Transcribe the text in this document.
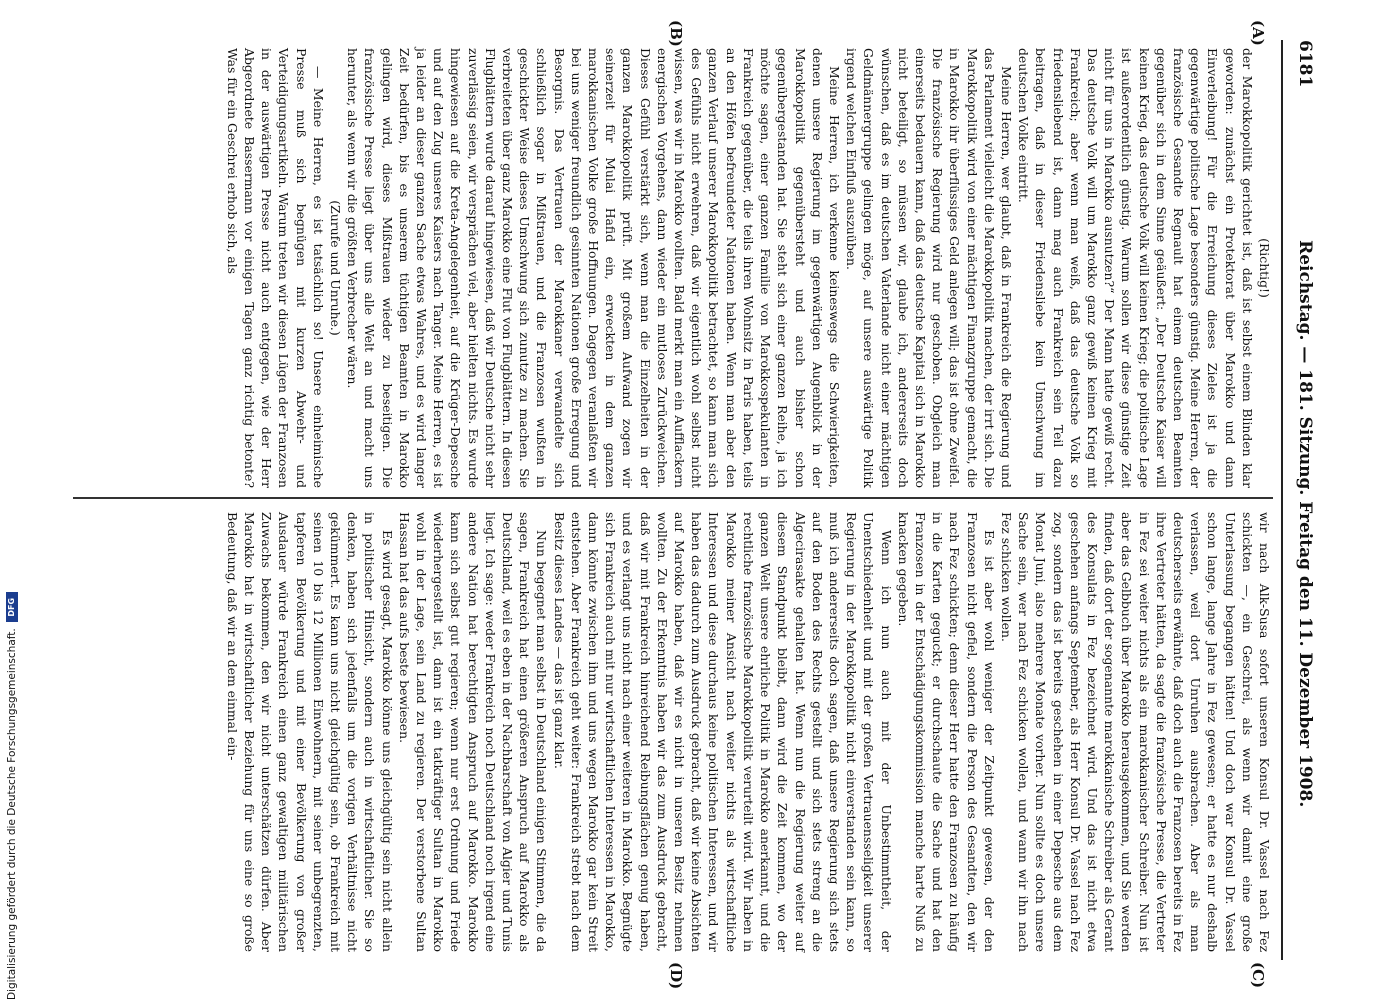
6181
Reichstag. — 181. Sitzung. Freitag den 11. Dezember 1908.
(A)
(B)
(C)
(D)

(Richtig!)

der Marokkopolitik gerichtet ist, daß ist selbst einem Blinden klar geworden: zunächst ein Protektorat über Marokko und dann Einverleibung! Für die Erreichung dieses Zieles ist ja die gegenwärtige politische Lage besonders günstig. Meine Herren, der französische Gesandte Regnault hat einem deutschen Beamten gegenüber sich in dem Sinne geäußert: „Der Deutsche Kaiser will keinen Krieg, das deutsche Volk will keinen Krieg; die politische Lage ist außerordentlich günstig. Warum sollen wir diese günstige Zeit nicht für uns in Marokko ausnutzen?“ Der Mann hatte gewiß recht. Das deutsche Volk will um Marokko ganz gewiß keinen Krieg mit Frankreich; aber wenn man weiß, daß das deutsche Volk so friedensliebend ist, dann mag auch Frankreich sein Teil dazu beitragen, daß in dieser Friedensliebe kein Umschwung im deutschen Volke eintritt.

Meine Herren, wer glaubt, daß in Frankreich die Regierung und das Parlament vielleicht die Marokkopolitik machen, der irrt sich. Die Marokkopolitik wird von einer mächtigen Finanzgruppe gemacht, die in Marokko ihr überflüssiges Geld anlegen will; das ist ohne Zweifel. Die französische Regierung wird nur geschoben. Obgleich man einerseits bedauern kann, daß das deutsche Kapital sich in Marokko nicht beteiligt, so müssen wir, glaube ich, andererseits doch wünschen, daß es im deutschen Vaterlande nicht einer mächtigen Geldmännergruppe gelingen möge, auf unsere auswärtige Politik irgend welchen Einfluß auszuüben.

Meine Herren, ich verkenne keineswegs die Schwierigkeiten, denen unsere Regierung im gegenwärtigen Augenblick in der Marokkopolitik gegenübersteht und auch bisher schon gegenübergestanden hat. Sie steht sich einer ganzen Reihe, ja ich möchte sagen, einer ganzen Familie von Marokkospekulanten in Frankreich gegenüber, die teils ihren Wohnsitz in Paris haben, teils an den Höfen befreundeter Nationen haben. Wenn man aber den ganzen Verlauf unserer Marokkopolitik betrachtet, so kann man sich des Gefühls nicht erwehren, daß wir eigentlich wohl selbst nicht wissen, was wir in Marokko wollten. Bald merkt man ein Aufflackern energischen Vorgehens, dann wieder ein mutloses Zurückweichen. Dieses Gefühl verstärkt sich, wenn man die Einzelheiten in der ganzen Marokkopolitik prüft. Mit großem Aufwand zogen wir seinerzeit für Mulai Hafid ein, erweckten in dem ganzen marokkanischen Volke große Hoffnungen. Dagegen veranlaßten wir bei uns weniger freundlich gesinnten Nationen große Erregung und Besorgnis. Das Vertrauen der Marokkaner verwandelte sich schließlich sogar in Mißtrauen, und die Franzosen wußten in geschickter Weise dieses Umschwung sich zunutze zu machen. Sie verbreiteten über ganz Marokko eine Flut von Flugblättern. In diesen Flugblättern wurde darauf hingewiesen, daß wir Deutsche nicht sehr zuverlässig seien, wir versprächen viel, aber hielten nichts. Es wurde hingewiesen auf die Kreta-Angelegenheit, auf die Krüger-Depesche und auf den Zug unseres Kaisers nach Tanger. Meine Herren, es ist ja leider an dieser ganzen Sache etwas Wahres, und es wird langer Zeit bedürfen, bis es unserem tüchtigen Beamten in Marokko gelingen wird, dieses Mißtrauen wieder zu beseitigen. Die französische Presse liegt über uns alle Welt an und macht uns herunter, als wenn wir die größten Verbrecher wären.

(Zurufe und Unruhe.)

— Meine Herren, es ist tatsächlich so! Unsere einheimische Presse muß sich begnügen mit kurzen Abwehr- und Verteidigungsartikeln. Warum treten wir diesen Lügen der Franzosen in der auswärtigen Presse nicht auch entgegen, wie der Herr Abgeordnete Bassermann vor einigen Tagen ganz richtig betonte? Was für ein Geschrei erhob sich, als

wir nach Alk-Susa sofort unseren Konsul Dr. Vassel nach Fez schickten —, ein Geschrei, als wenn wir damit eine große Unterlassung begangen hätten! Und doch war Konsul Dr. Vassel schon lange, lange Jahre in Fez gewesen; er hatte es nur deshalb verlassen, weil dort Unruhen ausbrachen. Aber als man deutscherseits erwähnte, daß doch auch die Franzosen bereits in Fez ihre Vertreter hätten, da sagte die französische Presse, die Vertreter in Fez sei weiter nichts als ein marokkanischer Schreiber. Nun ist aber das Gelbbuch über Marokko herausgekommen, und Sie werden finden, daß dort der sogenannte marokkanische Schreiber als Gerant des Konsulats in Fez bezeichnet wird. Und das ist nicht etwa geschehen anfangs September, als Herr Konsul Dr. Vassel nach Fez zog, sondern das ist bereits geschehen in einer Depesche aus dem Monat Juni, also mehrere Monate vorher. Nun sollte es doch unsere Sache sein, wer nach Fez schicken wollen, und wann wir ihn nach Fez schicken wollen.

Es ist aber wohl weniger der Zeitpunkt gewesen, der den Franzosen nicht gefiel, sondern die Person des Gesandten, den wir nach Fez schickten; denn dieser Herr hatte den Franzosen zu häufig in die Karten geguckt; er durchschaute die Sache und hat den Franzosen in der Entschädigungskommission manche harte Nuß zu knacken gegeben.

Wenn ich nun auch mit der Unbestimmtheit, der Unentschiedenheit und mit der großen Vertrauensseligkeit unserer Regierung in der Marokkopolitik nicht einverstanden sein kann, so muß ich andererseits doch sagen, daß unsere Regierung sich stets auf den Boden des Rechts gestellt und sich stets streng an die Algecirasakte gehalten hat. Wenn nun die Regierung weiter auf diesem Standpunkt bleibt, dann wird die Zeit kommen, wo der ganzen Welt unsere ehrliche Politik in Marokko anerkannt, und die rechtliche französische Marokkopolitik verurteilt wird. Wir haben in Marokko meiner Ansicht nach weiter nichts als wirtschaftliche Interessen und diese durchaus keine politischen Interessen, und wir haben das dadurch zum Ausdruck gebracht, daß wir keine Absichten auf Marokko haben, daß wir es nicht in unseren Besitz nehmen wollten. Zu der Erkenntnis haben wir das zum Ausdruck gebracht, daß wir mit Frankreich hinreichend Reibungsflächen genug haben, und es verlangt uns nicht nach einer weiteren in Marokko. Begnügte sich Frankreich auch mit nur wirtschaftlichen Interessen in Marokko, dann könnte zwischen ihm und uns wegen Marokko gar kein Streit entstehen. Aber Frankreich geht weiter: Frankreich strebt nach dem Besitz dieses Landes — das ist ganz klar.

Nun begegnet man selbst in Deutschland einigen Stimmen, die da sagen, Frankreich hat einen größeren Anspruch auf Marokko als Deutschland, weil es eben in der Nachbarschaft von Algier und Tunis liegt. Ich sage: weder Frankreich noch Deutschland noch irgend eine andere Nation hat berechtigten Anspruch auf Marokko. Marokko kann sich selbst gut regieren; wenn nur erst Ordnung und Friede wiederhergestellt ist, dann ist ein tatkräftiger Sultan in Marokko wohl in der Lage, sein Land zu regieren. Der verstorbene Sultan Hassan hat das aufs beste bewiesen.

Es wird gesagt, Marokko könne uns gleichgültig sein nicht allein in politischer Hinsicht, sondern auch in wirtschaftlicher. Sie so denken, haben sich jedenfalls um die vorigen Verhältnisse nicht gekümmert. Es kann uns nicht gleichgültig sein, ob Frankreich mit seinen 10 bis 12 Millionen Einwohnern, mit seiner unbegrenzten, tapferen Bevölkerung und mit einer Bevölkerung von großer Ausdauer würde Frankreich einen ganz gewaltigen militärischen Zuwachs bekommen, den wir nicht unterschätzen dürfen. Aber Marokko hat in wirtschaftlicher Beziehung für uns eine so große Bedeutung, daß wir an dem einmal ein-

Digitalisierung gefördert durch die Deutsche Forschungsgemeinschaft.
DFG
